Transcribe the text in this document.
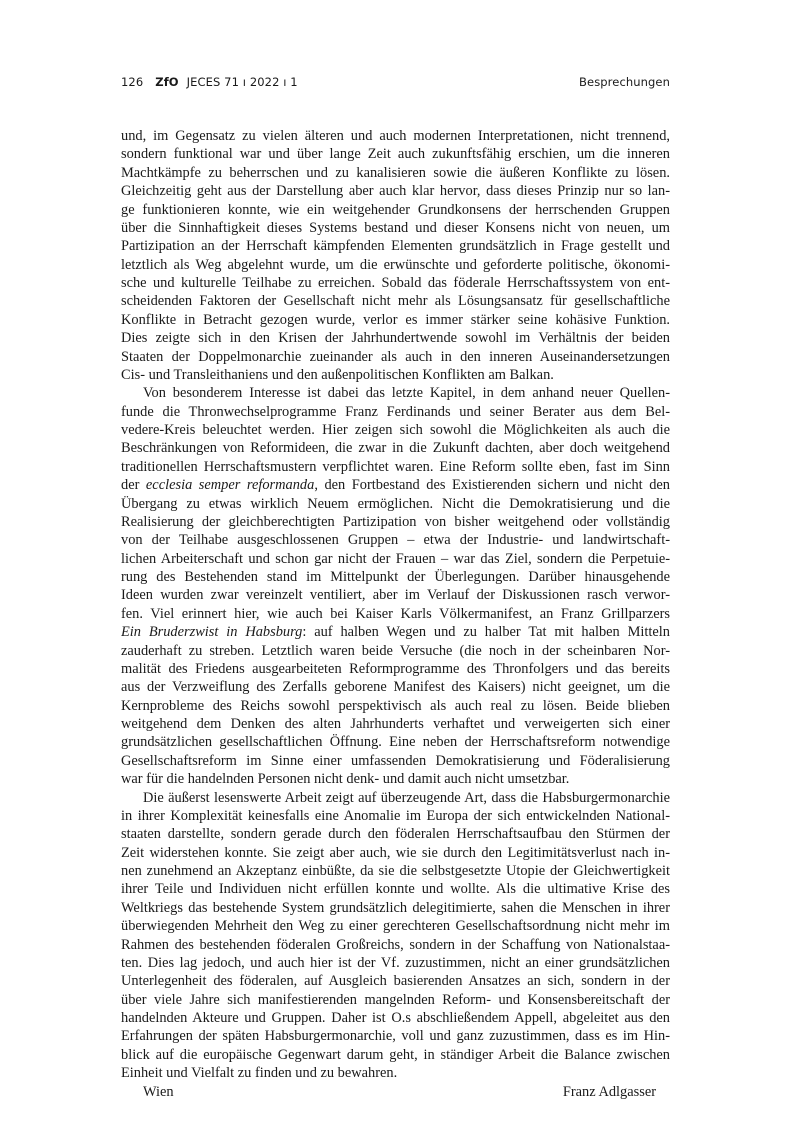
126 ZfO JECES 71 ı 2022 ı 1	Besprechungen
und, im Gegensatz zu vielen älteren und auch modernen Interpretationen, nicht trennend,
sondern funktional war und über lange Zeit auch zukunftsfähig erschien, um die inneren
Machtkämpfe zu beherrschen und zu kanalisieren sowie die äußeren Konflikte zu lösen.
Gleichzeitig geht aus der Darstellung aber auch klar hervor, dass dieses Prinzip nur so lan-
ge funktionieren konnte, wie ein weitgehender Grundkonsens der herrschenden Gruppen
über die Sinnhaftigkeit dieses Systems bestand und dieser Konsens nicht von neuen, um
Partizipation an der Herrschaft kämpfenden Elementen grundsätzlich in Frage gestellt und
letztlich als Weg abgelehnt wurde, um die erwünschte und geforderte politische, ökonomi-
sche und kulturelle Teilhabe zu erreichen. Sobald das föderale Herrschaftssystem von ent-
scheidenden Faktoren der Gesellschaft nicht mehr als Lösungsansatz für gesellschaftliche
Konflikte in Betracht gezogen wurde, verlor es immer stärker seine kohäsive Funktion.
Dies zeigte sich in den Krisen der Jahrhundertwende sowohl im Verhältnis der beiden
Staaten der Doppelmonarchie zueinander als auch in den inneren Auseinandersetzungen
Cis- und Transleithaniens und den außenpolitischen Konflikten am Balkan.
Von besonderem Interesse ist dabei das letzte Kapitel, in dem anhand neuer Quellen-
funde die Thronwechselprogramme Franz Ferdinands und seiner Berater aus dem Bel-
vedere-Kreis beleuchtet werden. Hier zeigen sich sowohl die Möglichkeiten als auch die
Beschränkungen von Reformideen, die zwar in die Zukunft dachten, aber doch weitgehend
traditionellen Herrschaftsmustern verpflichtet waren. Eine Reform sollte eben, fast im Sinn
der ecclesia semper reformanda, den Fortbestand des Existierenden sichern und nicht den
Übergang zu etwas wirklich Neuem ermöglichen. Nicht die Demokratisierung und die
Realisierung der gleichberechtigten Partizipation von bisher weitgehend oder vollständig
von der Teilhabe ausgeschlossenen Gruppen – etwa der Industrie- und landwirtschaft-
lichen Arbeiterschaft und schon gar nicht der Frauen – war das Ziel, sondern die Perpetuie-
rung des Bestehenden stand im Mittelpunkt der Überlegungen. Darüber hinausgehende
Ideen wurden zwar vereinzelt ventiliert, aber im Verlauf der Diskussionen rasch verwor-
fen. Viel erinnert hier, wie auch bei Kaiser Karls Völkermanifest, an Franz Grillparzers
Ein Bruderzwist in Habsburg: auf halben Wegen und zu halber Tat mit halben Mitteln
zauderhaft zu streben. Letztlich waren beide Versuche (die noch in der scheinbaren Nor-
malität des Friedens ausgearbeiteten Reformprogramme des Thronfolgers und das bereits
aus der Verzweiflung des Zerfalls geborene Manifest des Kaisers) nicht geeignet, um die
Kernprobleme des Reichs sowohl perspektivisch als auch real zu lösen. Beide blieben
weitgehend dem Denken des alten Jahrhunderts verhaftet und verweigerten sich einer
grundsätzlichen gesellschaftlichen Öffnung. Eine neben der Herrschaftsreform notwendige
Gesellschaftsreform im Sinne einer umfassenden Demokratisierung und Föderalisierung
war für die handelnden Personen nicht denk- und damit auch nicht umsetzbar.
Die äußerst lesenswerte Arbeit zeigt auf überzeugende Art, dass die Habsburgermonarchie
in ihrer Komplexität keinesfalls eine Anomalie im Europa der sich entwickelnden National-
staaten darstellte, sondern gerade durch den föderalen Herrschaftsaufbau den Stürmen der
Zeit widerstehen konnte. Sie zeigt aber auch, wie sie durch den Legitimitätsverlust nach in-
nen zunehmend an Akzeptanz einbüßte, da sie die selbstgesetzte Utopie der Gleichwertigkeit
ihrer Teile und Individuen nicht erfüllen konnte und wollte. Als die ultimative Krise des
Weltkriegs das bestehende System grundsätzlich delegitimierte, sahen die Menschen in ihrer
überwiegenden Mehrheit den Weg zu einer gerechteren Gesellschaftsordnung nicht mehr im
Rahmen des bestehenden föderalen Großreichs, sondern in der Schaffung von Nationalstaa-
ten. Dies lag jedoch, und auch hier ist der Vf. zuzustimmen, nicht an einer grundsätzlichen
Unterlegenheit des föderalen, auf Ausgleich basierenden Ansatzes an sich, sondern in der
über viele Jahre sich manifestierenden mangelnden Reform- und Konsensbereitschaft der
handelnden Akteure und Gruppen. Daher ist O.s abschließendem Appell, abgeleitet aus den
Erfahrungen der späten Habsburgermonarchie, voll und ganz zuzustimmen, dass es im Hin-
blick auf die europäische Gegenwart darum geht, in ständiger Arbeit die Balance zwischen
Einheit und Vielfalt zu finden und zu bewahren.
Wien	Franz Adlgasser
